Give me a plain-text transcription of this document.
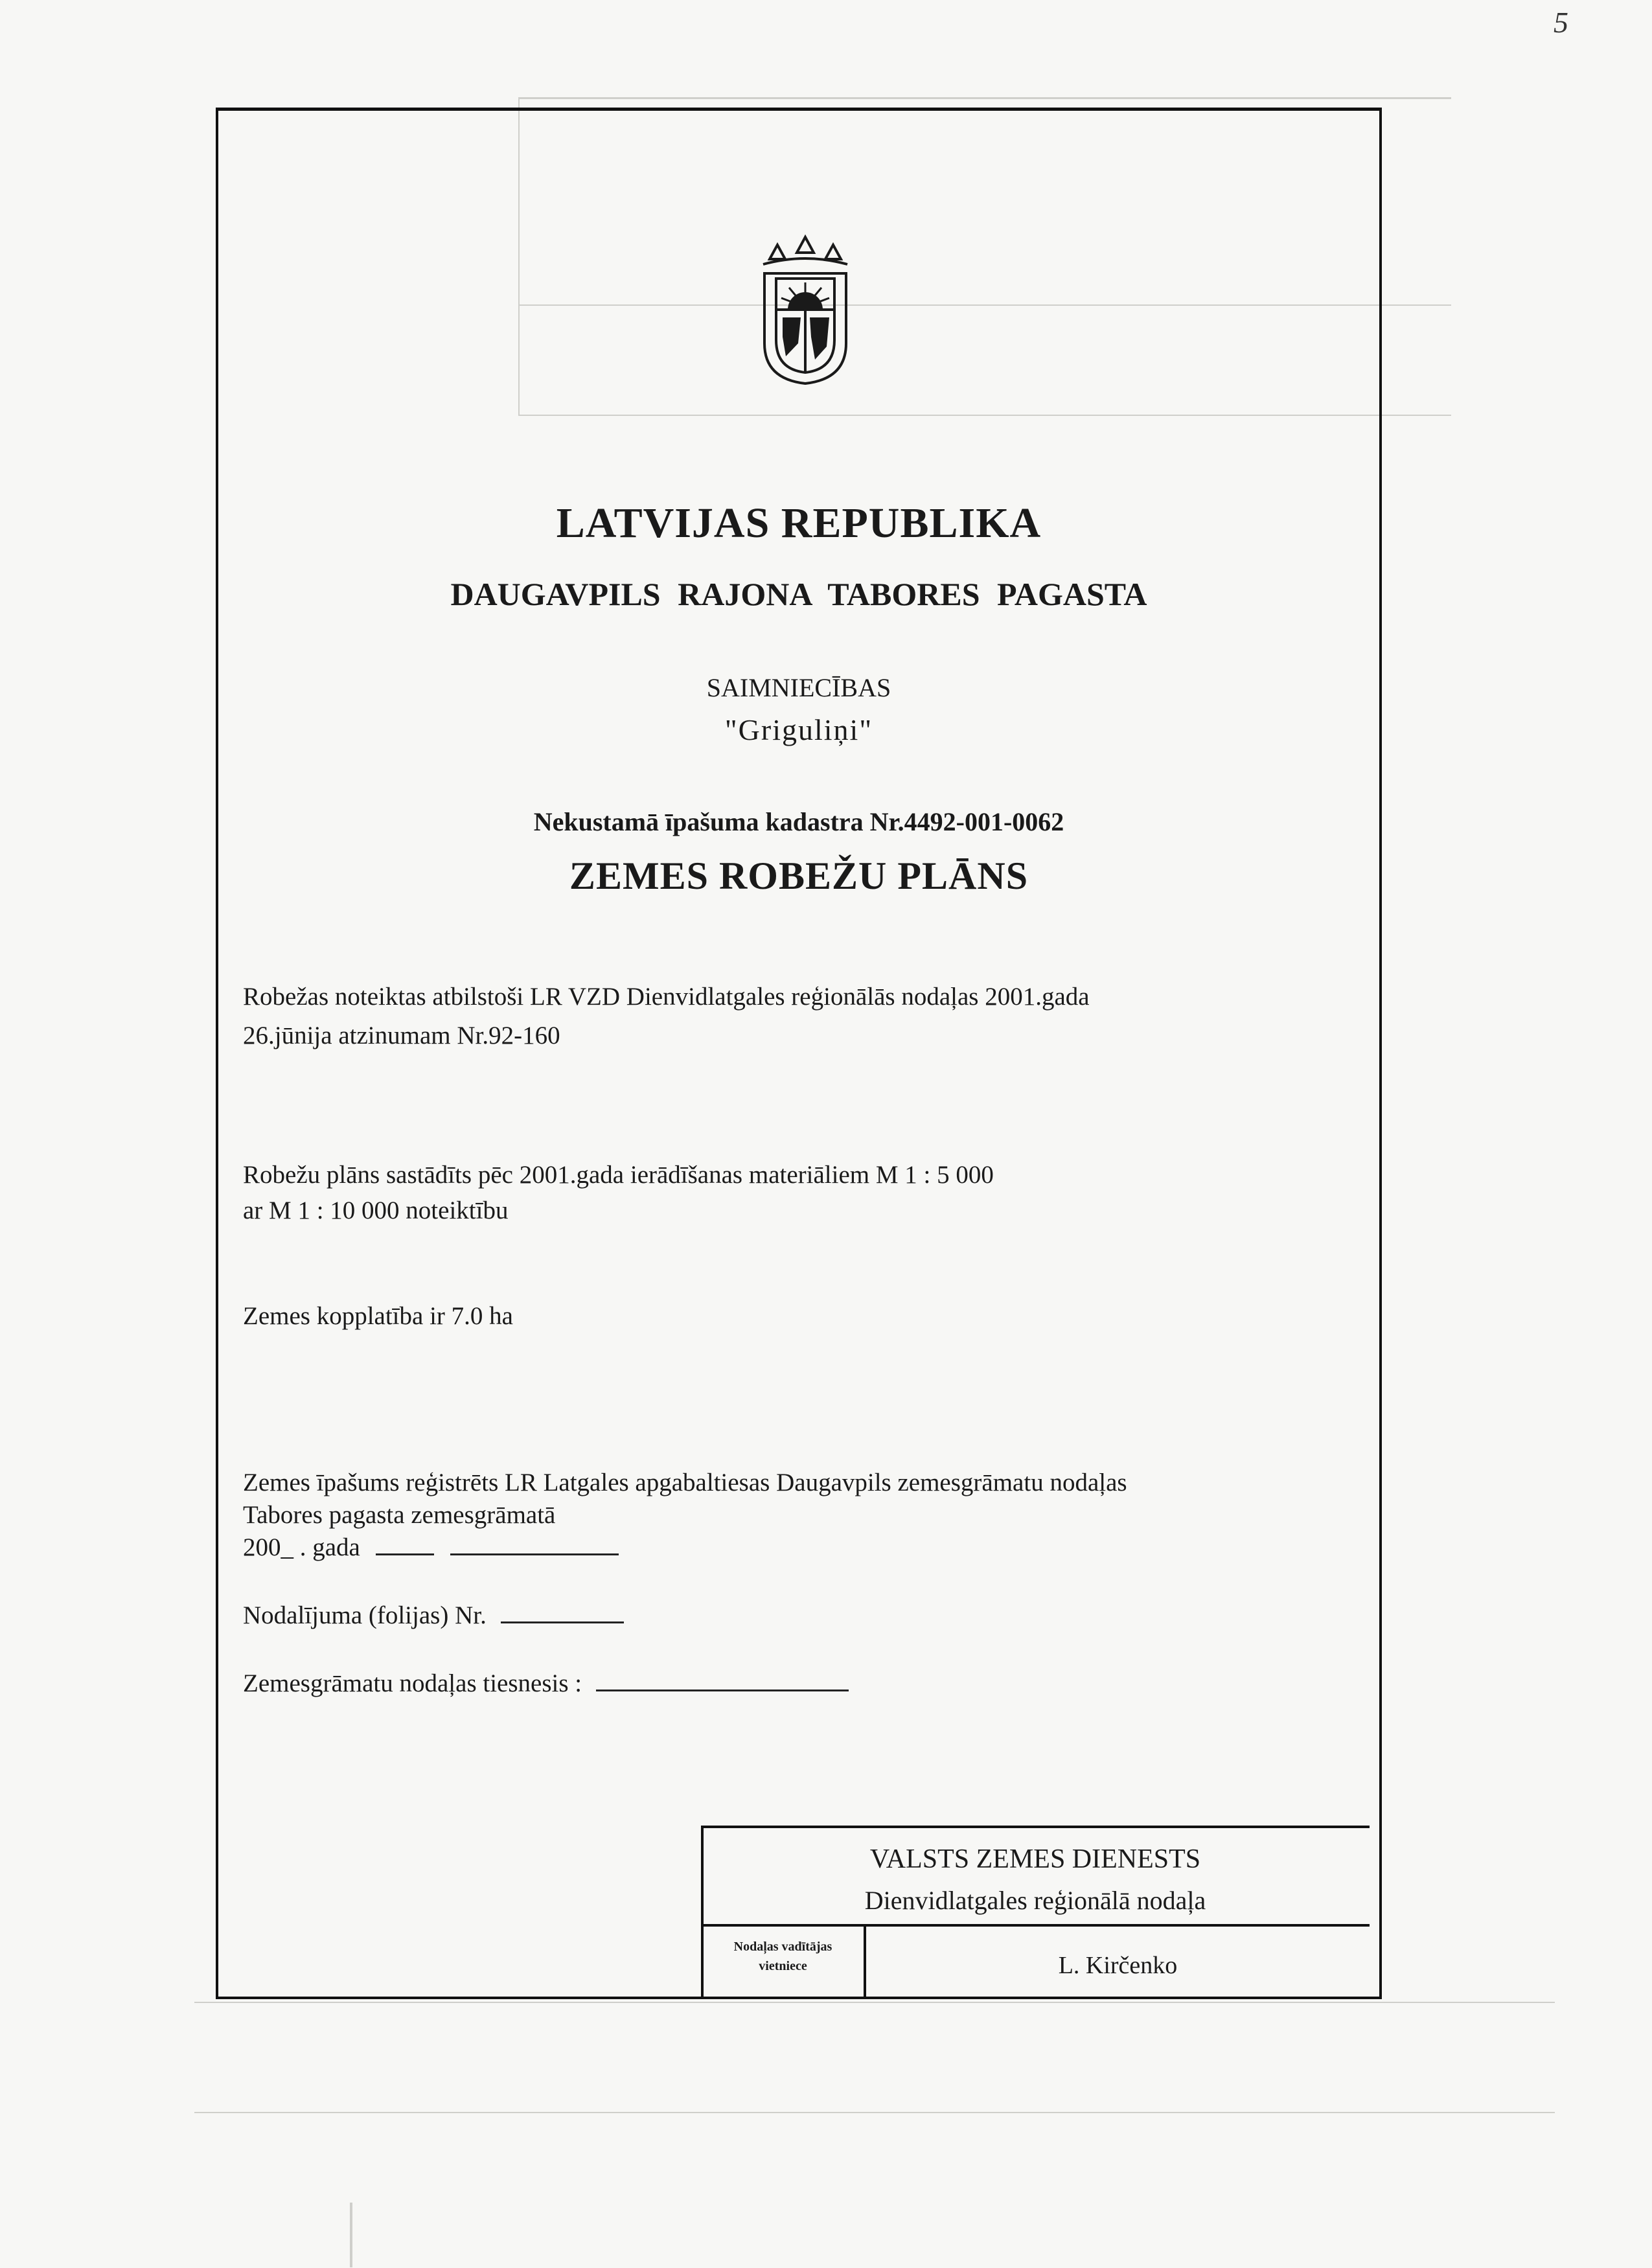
5
LATVIJAS REPUBLIKA
DAUGAVPILS RAJONA TABORES PAGASTA
SAIMNIECĪBAS
"Griguliņi"
Nekustamā īpašuma kadastra Nr.4492-001-0062
ZEMES ROBEŽU PLĀNS
Robežas noteiktas atbilstoši LR VZD Dienvidlatgales reģionālās nodaļas 2001.gada
26.jūnija atzinumam Nr.92-160
Robežu plāns sastādīts pēc 2001.gada ierādīšanas materiāliem M 1 : 5 000
ar M 1 : 10 000 noteiktību
Zemes kopplatība ir 7.0 ha
Zemes īpašums reģistrēts LR Latgales apgabaltiesas Daugavpils zemesgrāmatu nodaļas
Tabores pagasta zemesgrāmatā
200_ . gada
Nodalījuma (folijas) Nr.
Zemesgrāmatu nodaļas tiesnesis :
VALSTS ZEMES DIENESTS
Dienvidlatgales reģionālā nodaļa
Nodaļas vadītājas
vietniece	L. Kirčenko
